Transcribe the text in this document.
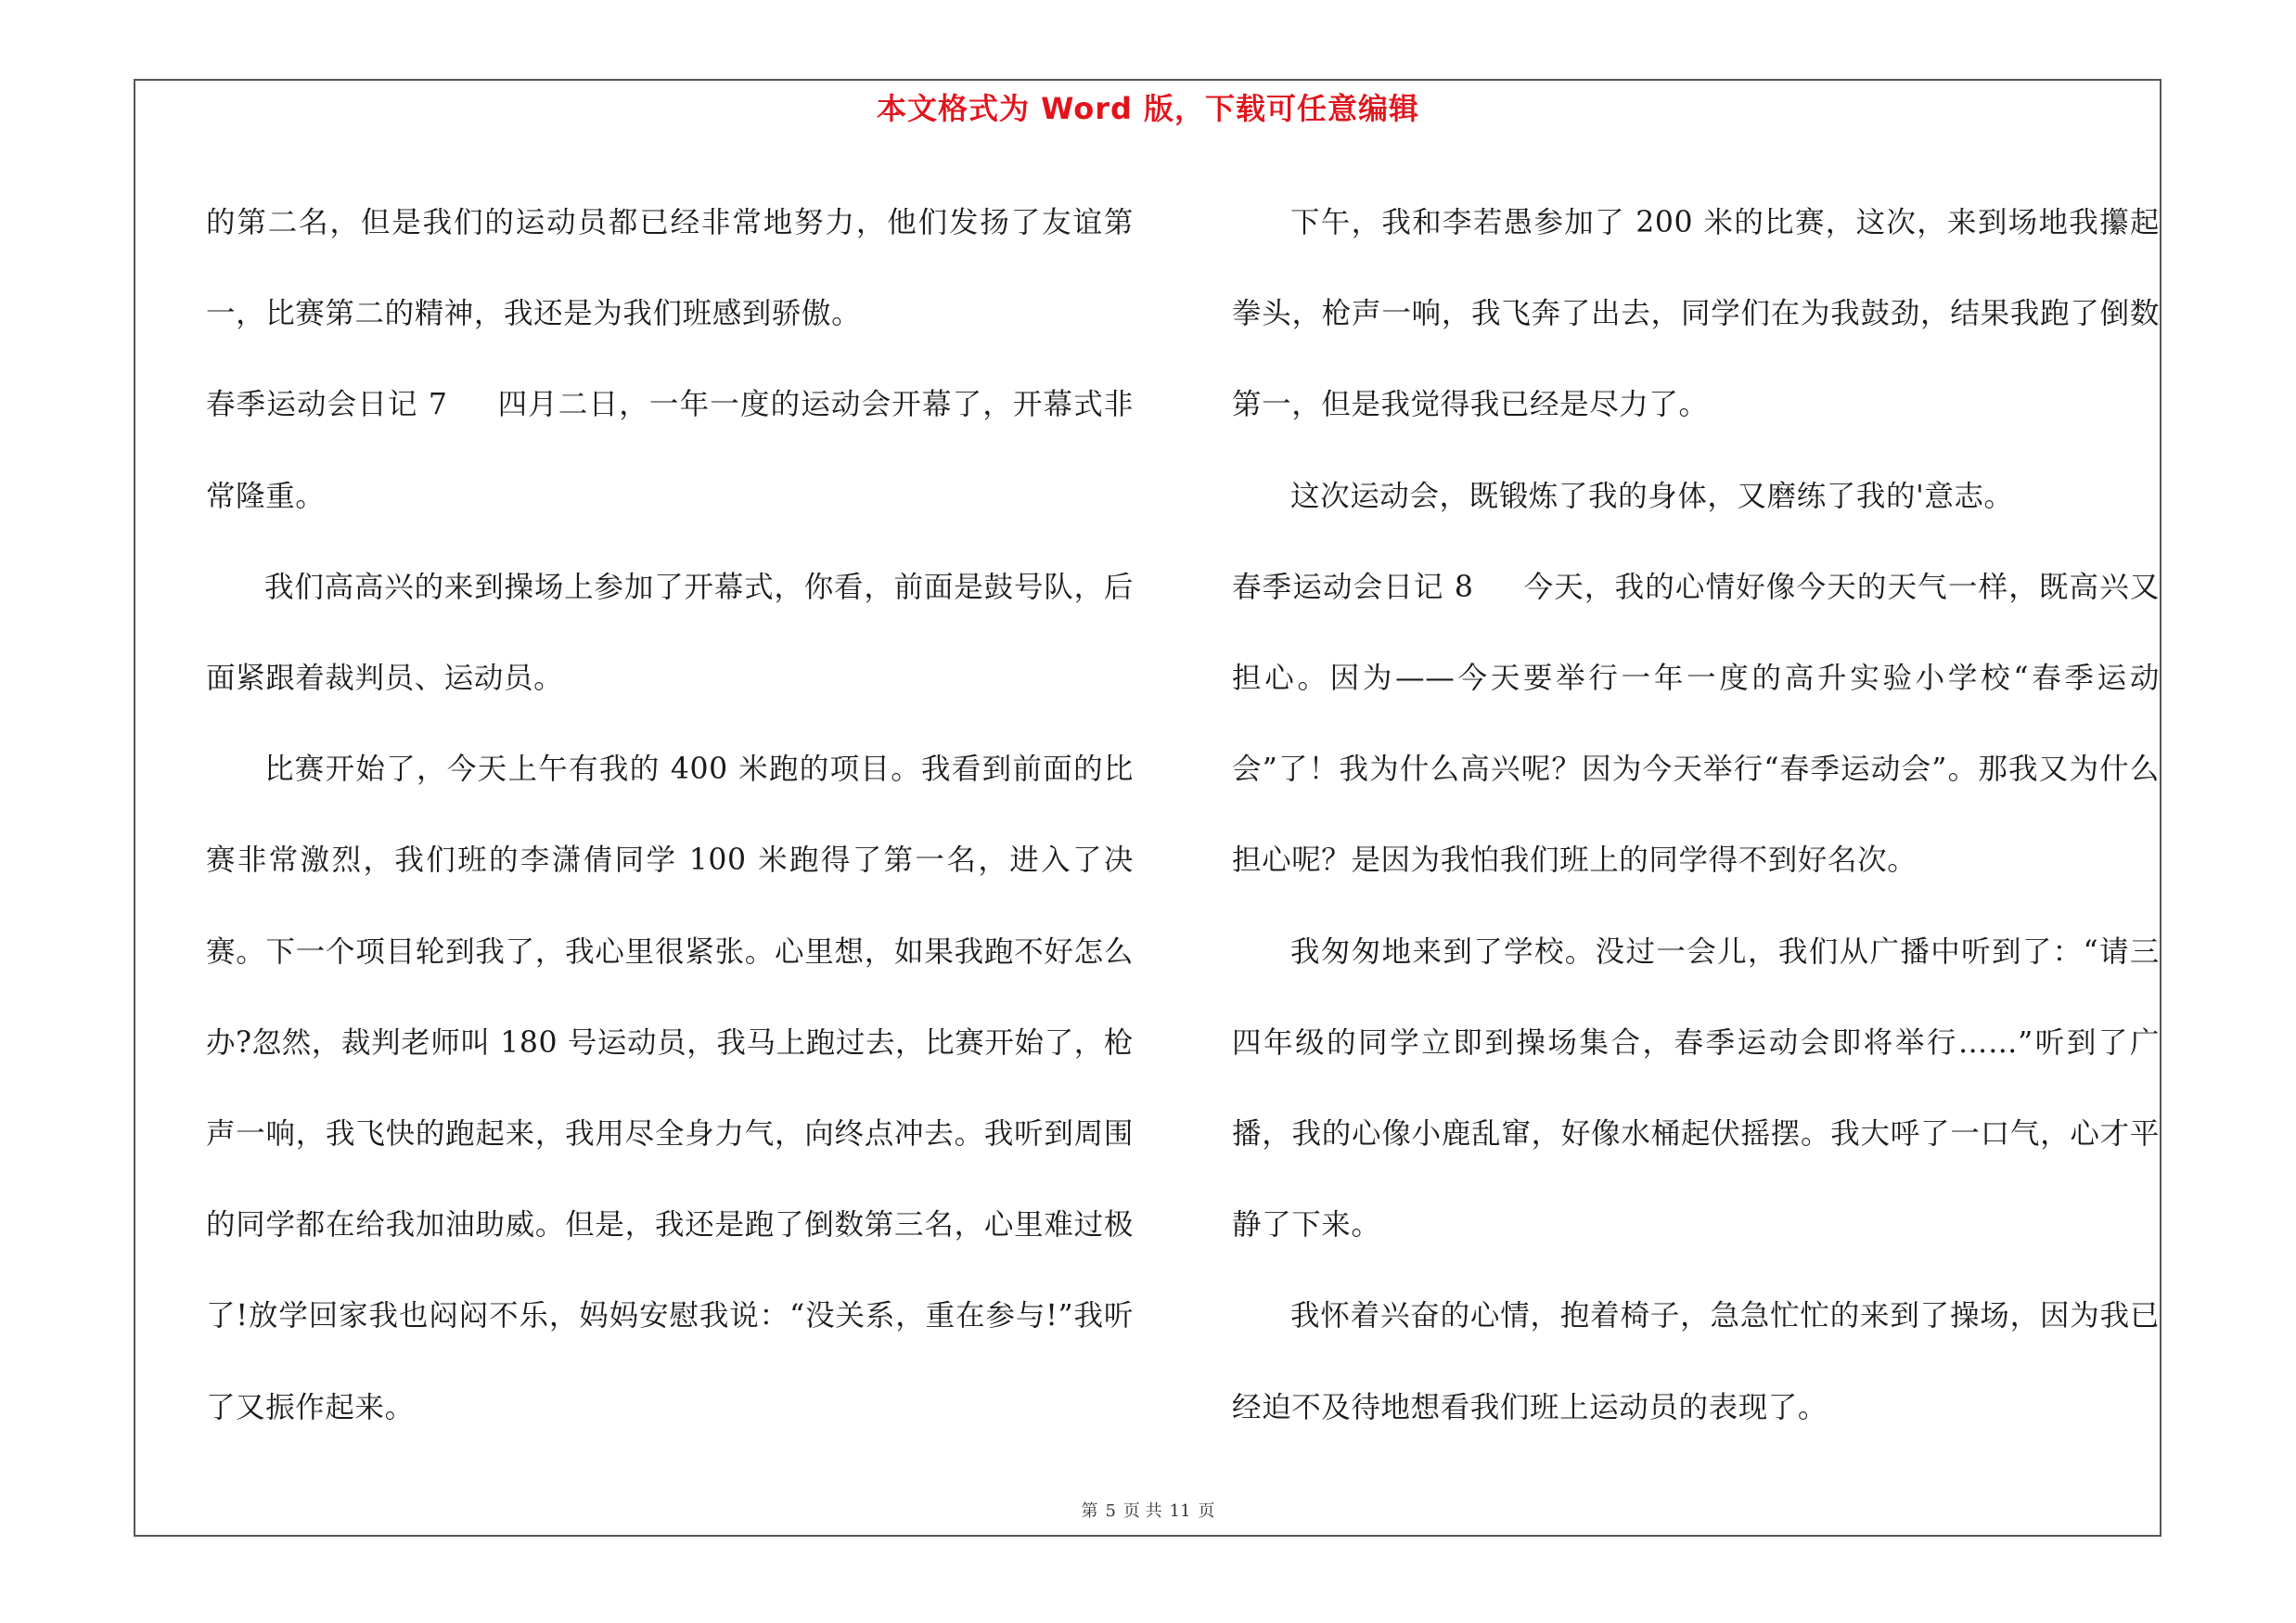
本文格式为 Word 版，下载可任意编辑

的第二名，但是我们的运动员都已经非常地努力，他们发扬了友谊第一，比赛第二的精神，我还是为我们班感到骄傲。

春季运动会日记 7 四月二日，一年一度的运动会开幕了，开幕式非常隆重。

我们高高兴的来到操场上参加了开幕式，你看，前面是鼓号队，后面紧跟着裁判员、运动员。

比赛开始了，今天上午有我的 400 米跑的项目。我看到前面的比赛非常激烈，我们班的李潇倩同学 100 米跑得了第一名，进入了决赛。下一个项目轮到我了，我心里很紧张。心里想，如果我跑不好怎么办?忽然，裁判老师叫 180 号运动员，我马上跑过去，比赛开始了，枪声一响，我飞快的跑起来，我用尽全身力气，向终点冲去。我听到周围的同学都在给我加油助威。但是，我还是跑了倒数第三名，心里难过极了!放学回家我也闷闷不乐，妈妈安慰我说：“没关系，重在参与!”我听了又振作起来。

下午，我和李若愚参加了 200 米的比赛，这次，来到场地我攥起拳头，枪声一响，我飞奔了出去，同学们在为我鼓劲，结果我跑了倒数第一，但是我觉得我已经是尽力了。

这次运动会，既锻炼了我的身体，又磨练了我的'意志。

春季运动会日记 8 今天，我的心情好像今天的天气一样，既高兴又担心。因为——今天要举行一年一度的高升实验小学校“春季运动会”了！我为什么高兴呢？因为今天举行“春季运动会”。那我又为什么担心呢？是因为我怕我们班上的同学得不到好名次。

我匆匆地来到了学校。没过一会儿，我们从广播中听到了：“请三四年级的同学立即到操场集合，春季运动会即将举行……”听到了广播，我的心像小鹿乱窜，好像水桶起伏摇摆。我大呼了一口气，心才平静了下来。

我怀着兴奋的心情，抱着椅子，急急忙忙的来到了操场，因为我已经迫不及待地想看我们班上运动员的表现了。

第 5 页 共 11 页
